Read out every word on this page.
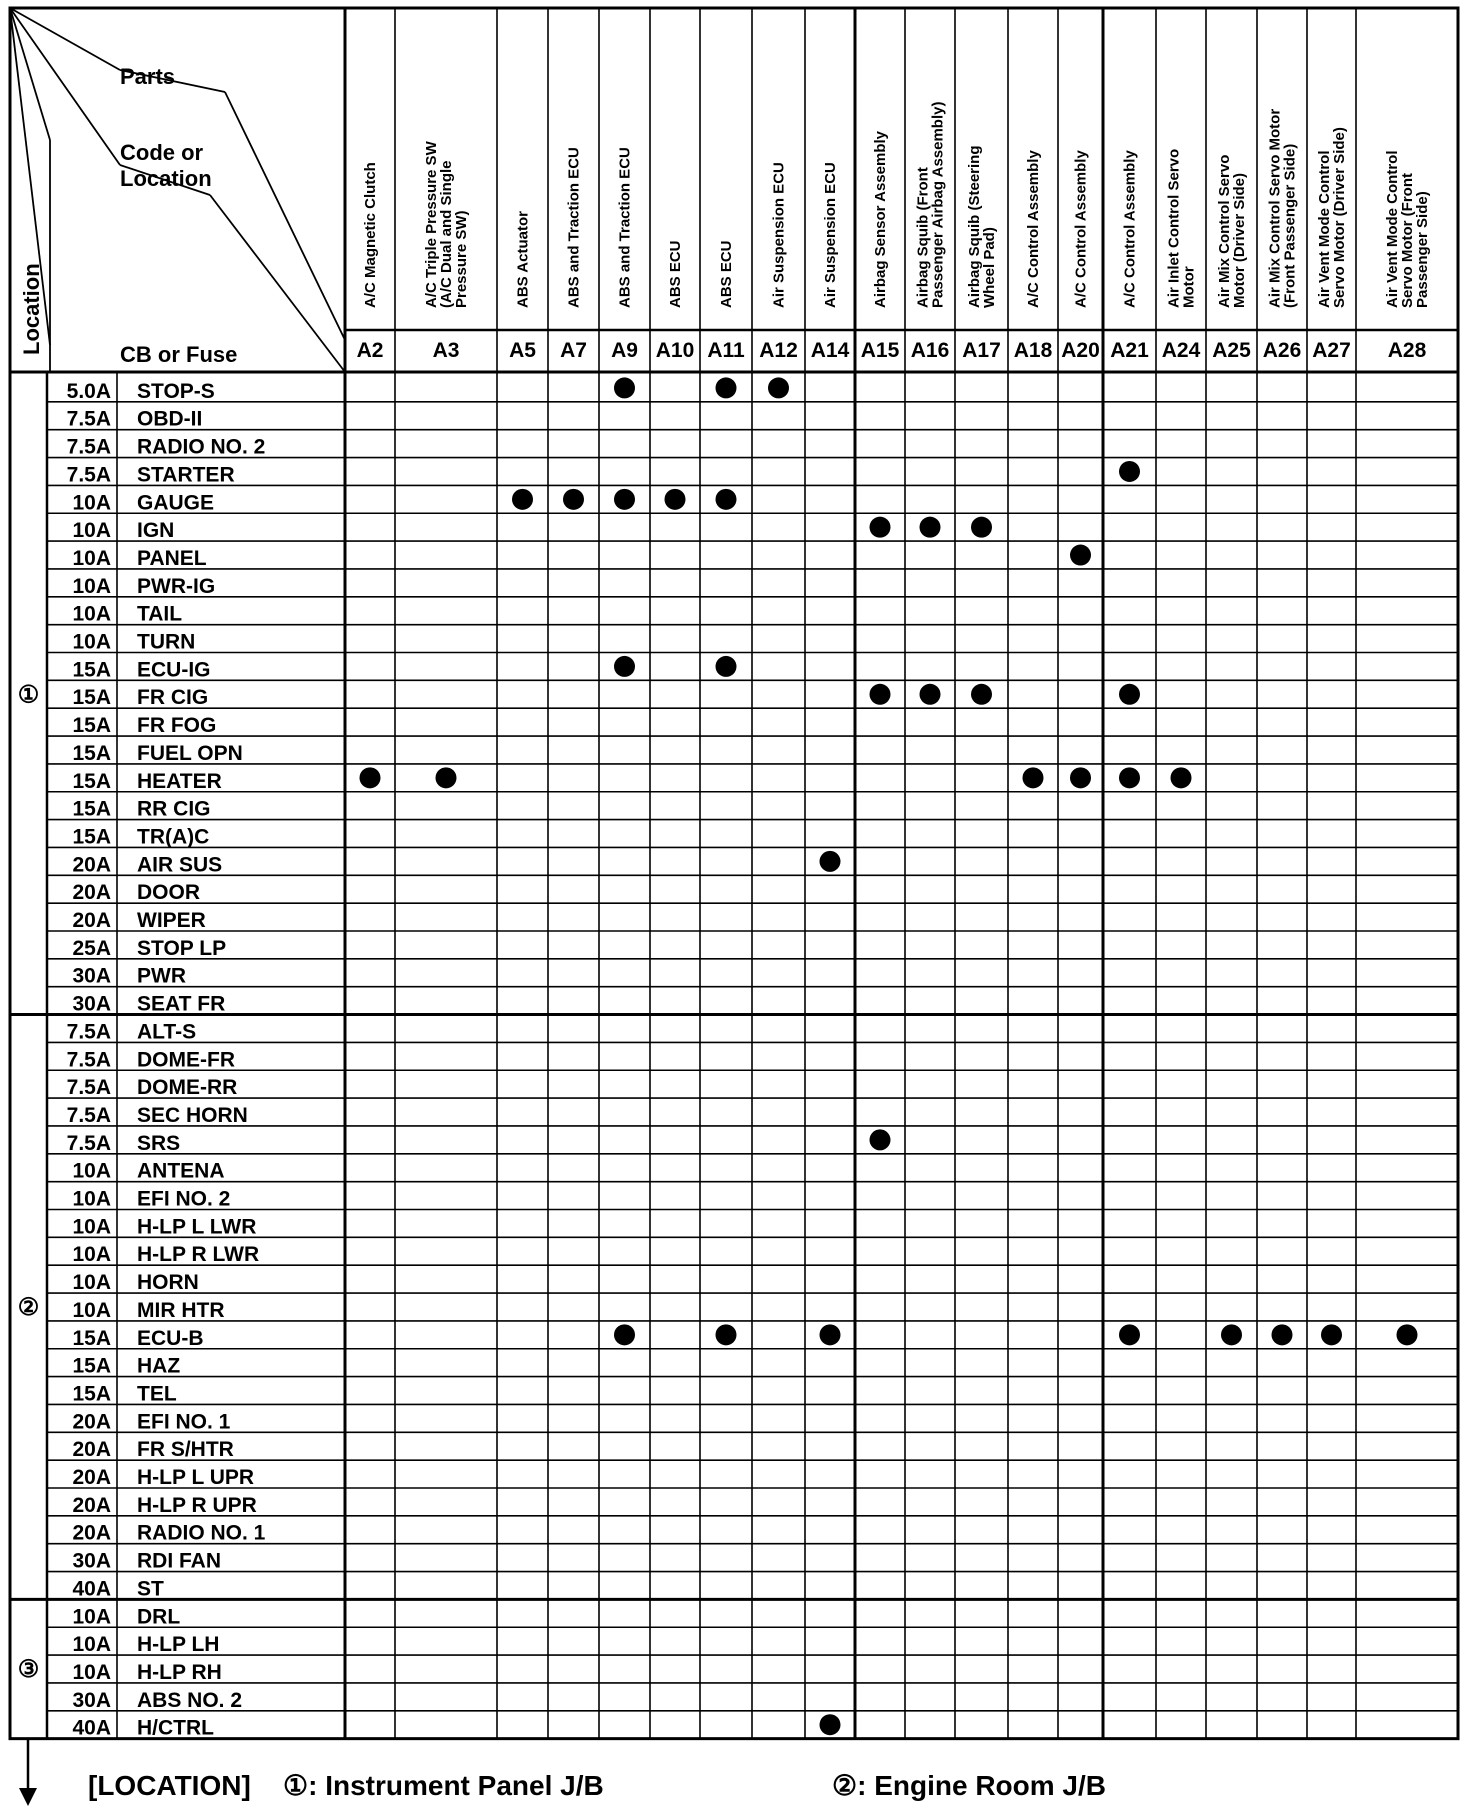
Parts
Code or
Location
CB or Fuse
Location
A/C Magnetic Clutch
A2
A/C Triple Pressure SW
(A/C Dual and Single
Pressure SW)
A3
ABS Actuator
A5
ABS and Traction ECU
A7
ABS and Traction ECU
A9
ABS ECU
A10
ABS ECU
A11
Air Suspension ECU
A12
Air Suspension ECU
A14
Airbag Sensor Assembly
A15
Airbag Squib (Front
Passenger Airbag Assembly)
A16
Airbag Squib (Steering
Wheel Pad)
A17
A/C Control Assembly
A18
A/C Control Assembly
A20
A/C Control Assembly
A21
Air Inlet Control Servo
Motor
A24
Air Mix Control Servo
Motor (Driver Side)
A25
Air Mix Control Servo Motor
(Front Passenger Side)
A26
Air Vent Mode Control
Servo Motor (Driver Side)
A27
Air Vent Mode Control
Servo Motor (Front
Passenger Side)
A28
5.0A STOP-S
7.5A OBD-II
7.5A RADIO NO. 2
7.5A STARTER
10A GAUGE
10A IGN
10A PANEL
10A PWR-IG
10A TAIL
10A TURN
15A ECU-IG
15A FR CIG
15A FR FOG
15A FUEL OPN
15A HEATER
15A RR CIG
15A TR(A)C
20A AIR SUS
20A DOOR
20A WIPER
25A STOP LP
30A PWR
30A SEAT FR
①
7.5A ALT-S
7.5A DOME-FR
7.5A DOME-RR
7.5A SEC HORN
7.5A SRS
10A ANTENA
10A EFI NO. 2
10A H-LP L LWR
10A H-LP R LWR
10A HORN
10A MIR HTR
15A ECU-B
15A HAZ
15A TEL
20A EFI NO. 1
20A FR S/HTR
20A H-LP L UPR
20A H-LP R UPR
20A RADIO NO. 1
30A RDI FAN
40A ST
②
10A DRL
10A H-LP LH
10A H-LP RH
30A ABS NO. 2
40A H/CTRL
③
[LOCATION] ①: Instrument Panel J/B	②: Engine Room J/B
